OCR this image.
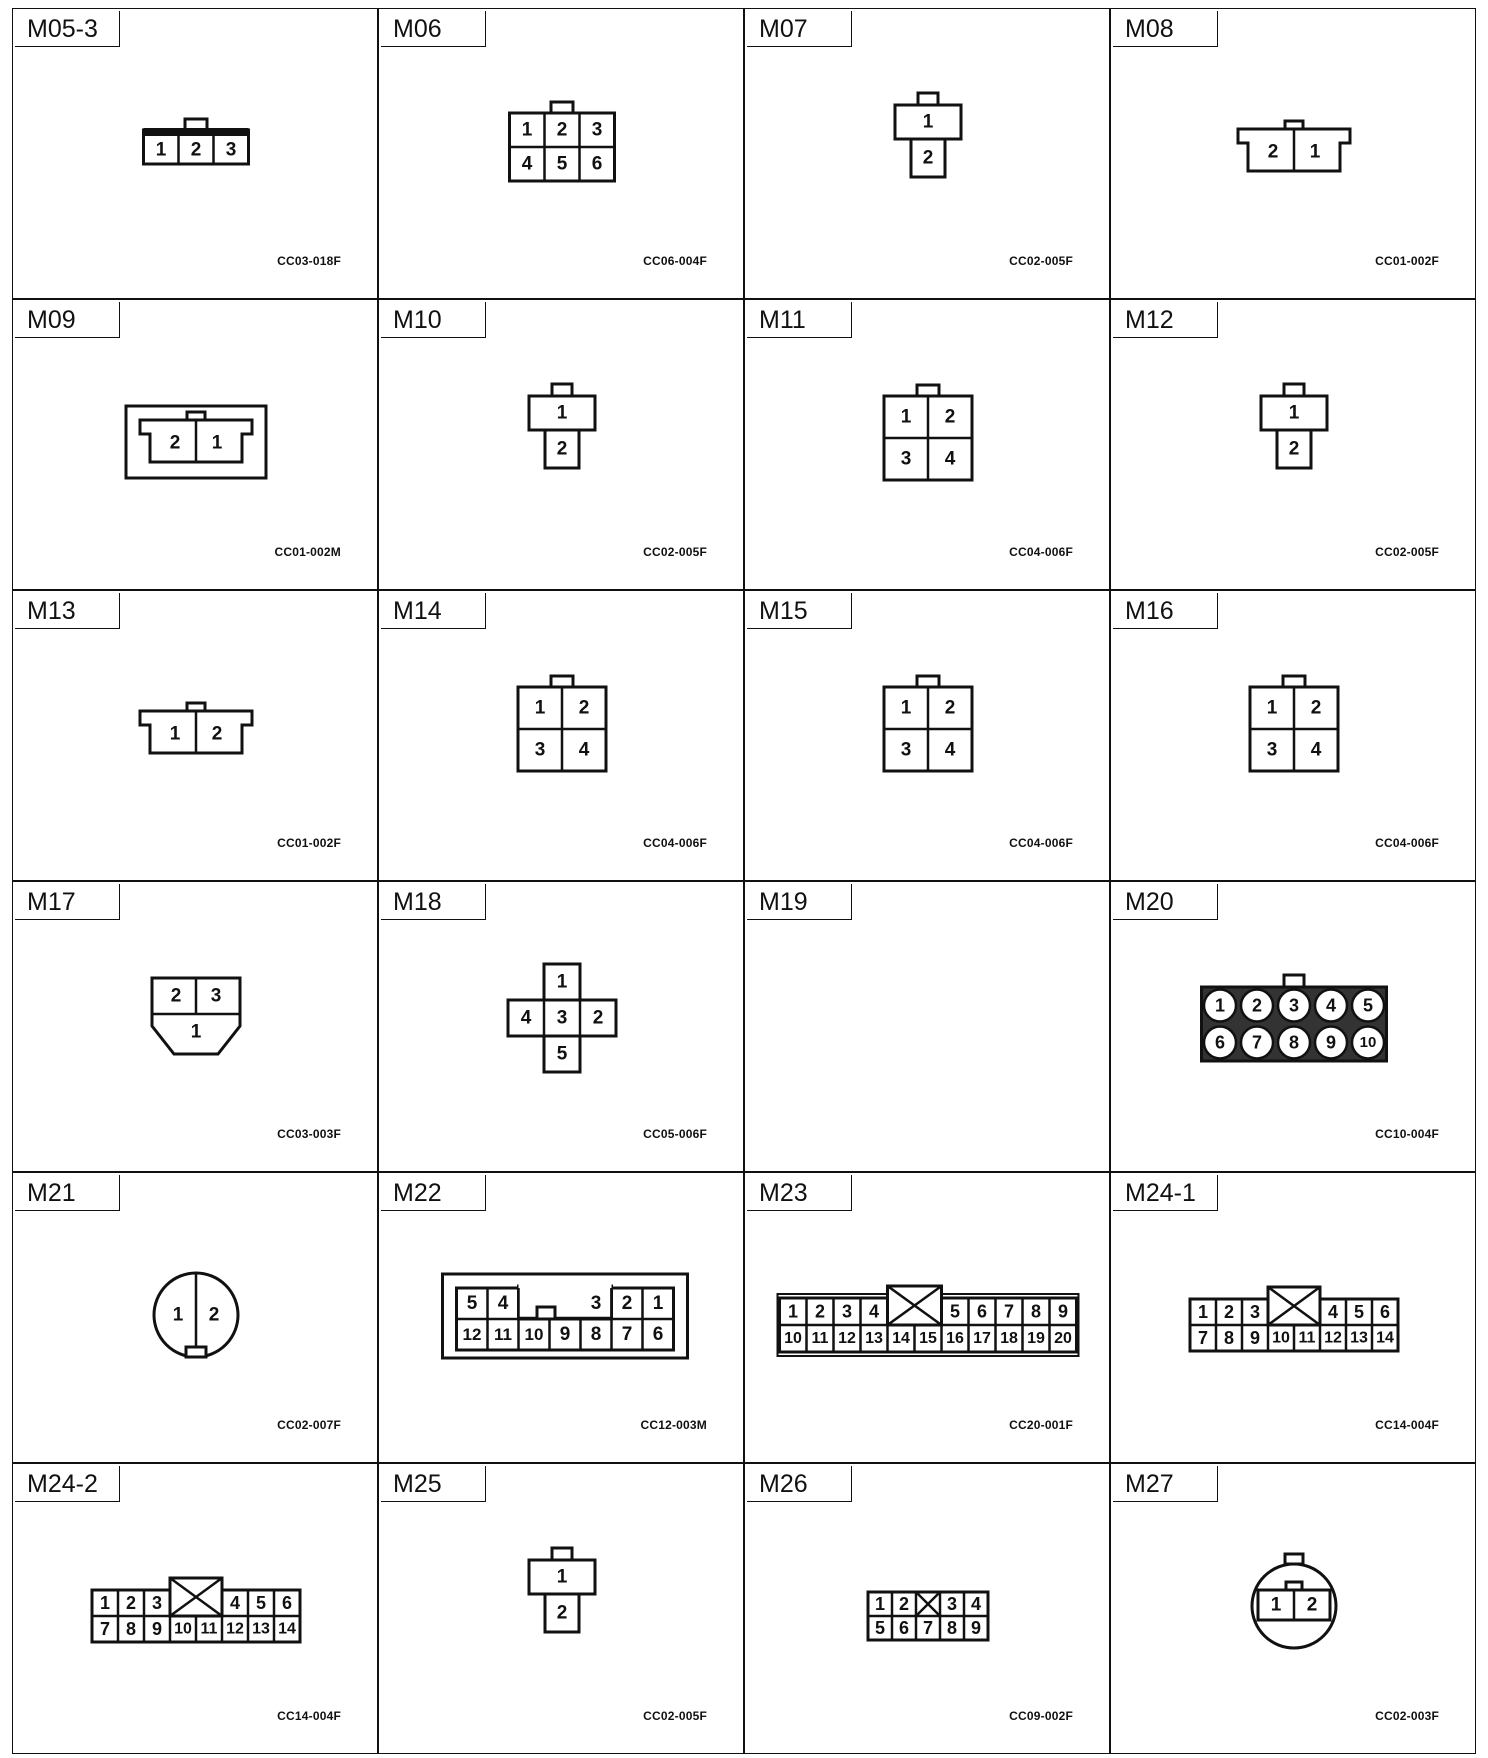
M05-3
CC03-018F
1 2 3
M06
CC06-004F
1 2 3
4 5 6
M07
CC02-005F
1
2
M08
CC01-002F
2 1
M09
CC01-002M
2 1
M10
CC02-005F
1
2
M11
CC04-006F
1 2
3 4
M12
CC02-005F
1
2
M13
CC01-002F
1 2
M14
CC04-006F
1 2
3 4
M15
CC04-006F
1 2
3 4
M16
CC04-006F
1 2
3 4
M17
CC03-003F
2 3
1
M18
CC05-006F
1
4 3 2
5
M19	M20
CC10-004F
1 2 3 4 5
6 7 8 9 10
M21
CC02-007F
1 2
M22
CC12-003M
5 4	3 2 1
12 11 10 9 8 7 6
M23
CC20-001F
1 2 3 4	5 6 7 8 9
10 11 12 13 14 15 16 17 18 19 20
M24-1
CC14-004F
1 2 3	4 5 6
7 8 9 10 11 12 13 14
M24-2
CC14-004F
1 2 3	4 5 6
7 8 9 10 11 12 13 14
M25
CC02-005F
1
2
M26
CC09-002F
1 2 3 4
5 6 7 8 9
M27
CC02-003F
1 2
